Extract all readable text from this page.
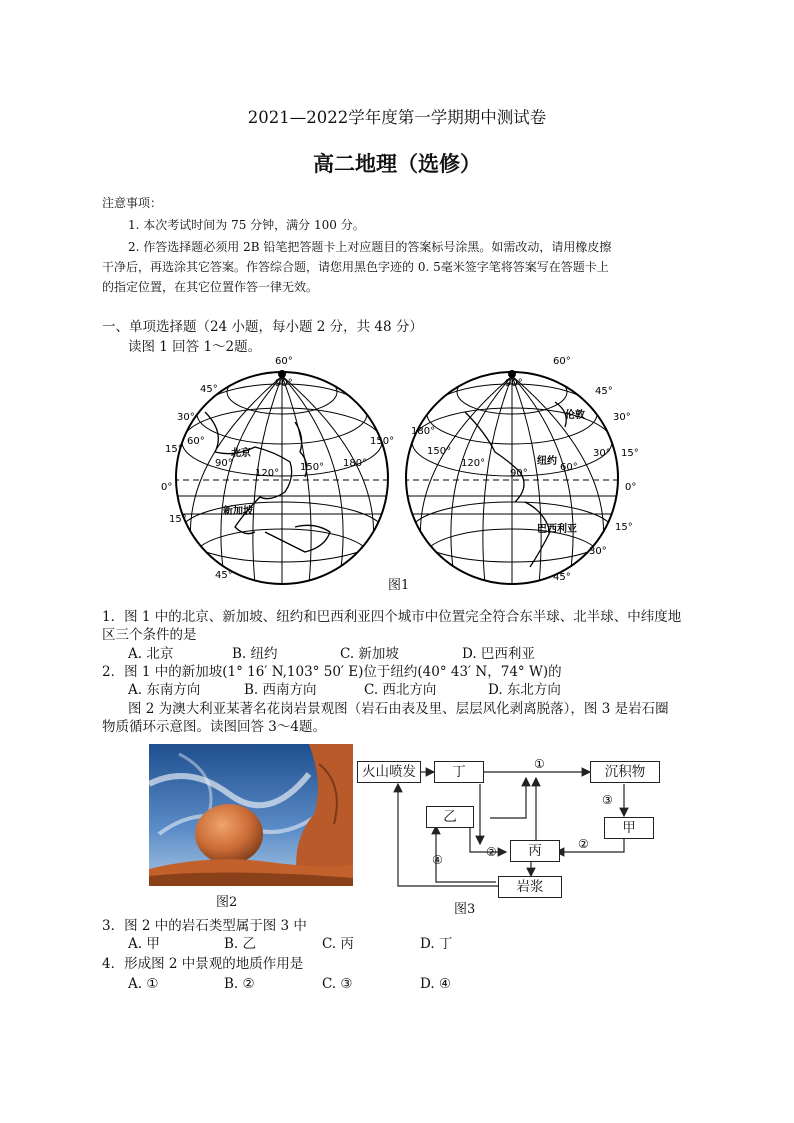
2021—2022学年度第一学期期中测试卷
高二地理（选修）
注意事项：
1. 本次考试时间为 75 分钟，满分 100 分。
2. 作答选择题必须用 2B 铅笔把答题卡上对应题目的答案标号涂黑。如需改动，请用橡皮擦
干净后，再选涂其它答案。作答综合题，请您用黑色字迹的 0. 5毫米签字笔将答案写在答题卡上
的指定位置，在其它位置作答一律无效。
一、单项选择题（24 小题，每小题 2 分，共 48 分）
读图 1 回答 1～2题。
60°
90°
45°
30°
15°
0°
15°
45°
60°
90°
120°
150° 180°
150°
北京
新加坡
60°
90°
45°
30°
15°
0°
15°
30°
45°
180°
150°
120°
90°
60°
30°
伦敦
纽约
巴西利亚
图1
1．图 1 中的北京、新加坡、纽约和巴西利亚四个城市中位置完全符合东半球、北半球、中纬度地
区三个条件的是
A. 北京	B. 纽约	C. 新加坡	D. 巴西利亚
2．图 1 中的新加坡(1° 16′ N,103° 50′ E)位于纽约(40° 43′ N，74° W)的
A. 东南方向	B. 西南方向	C. 西北方向	D. 东北方向
图 2 为澳大利亚某著名花岗岩景观图（岩石由表及里、层层风化剥离脱落），图 3 是岩石圈
物质循环示意图。读图回答 3～4题。
图2
①
②
②
③
④
火山喷发	丁	沉积物
乙
甲
丙
岩浆
图3
3．图 2 中的岩石类型属于图 3 中
A. 甲	B. 乙	C. 丙	D. 丁
4．形成图 2 中景观的地质作用是
A. ①	B. ②	C. ③	D. ④
